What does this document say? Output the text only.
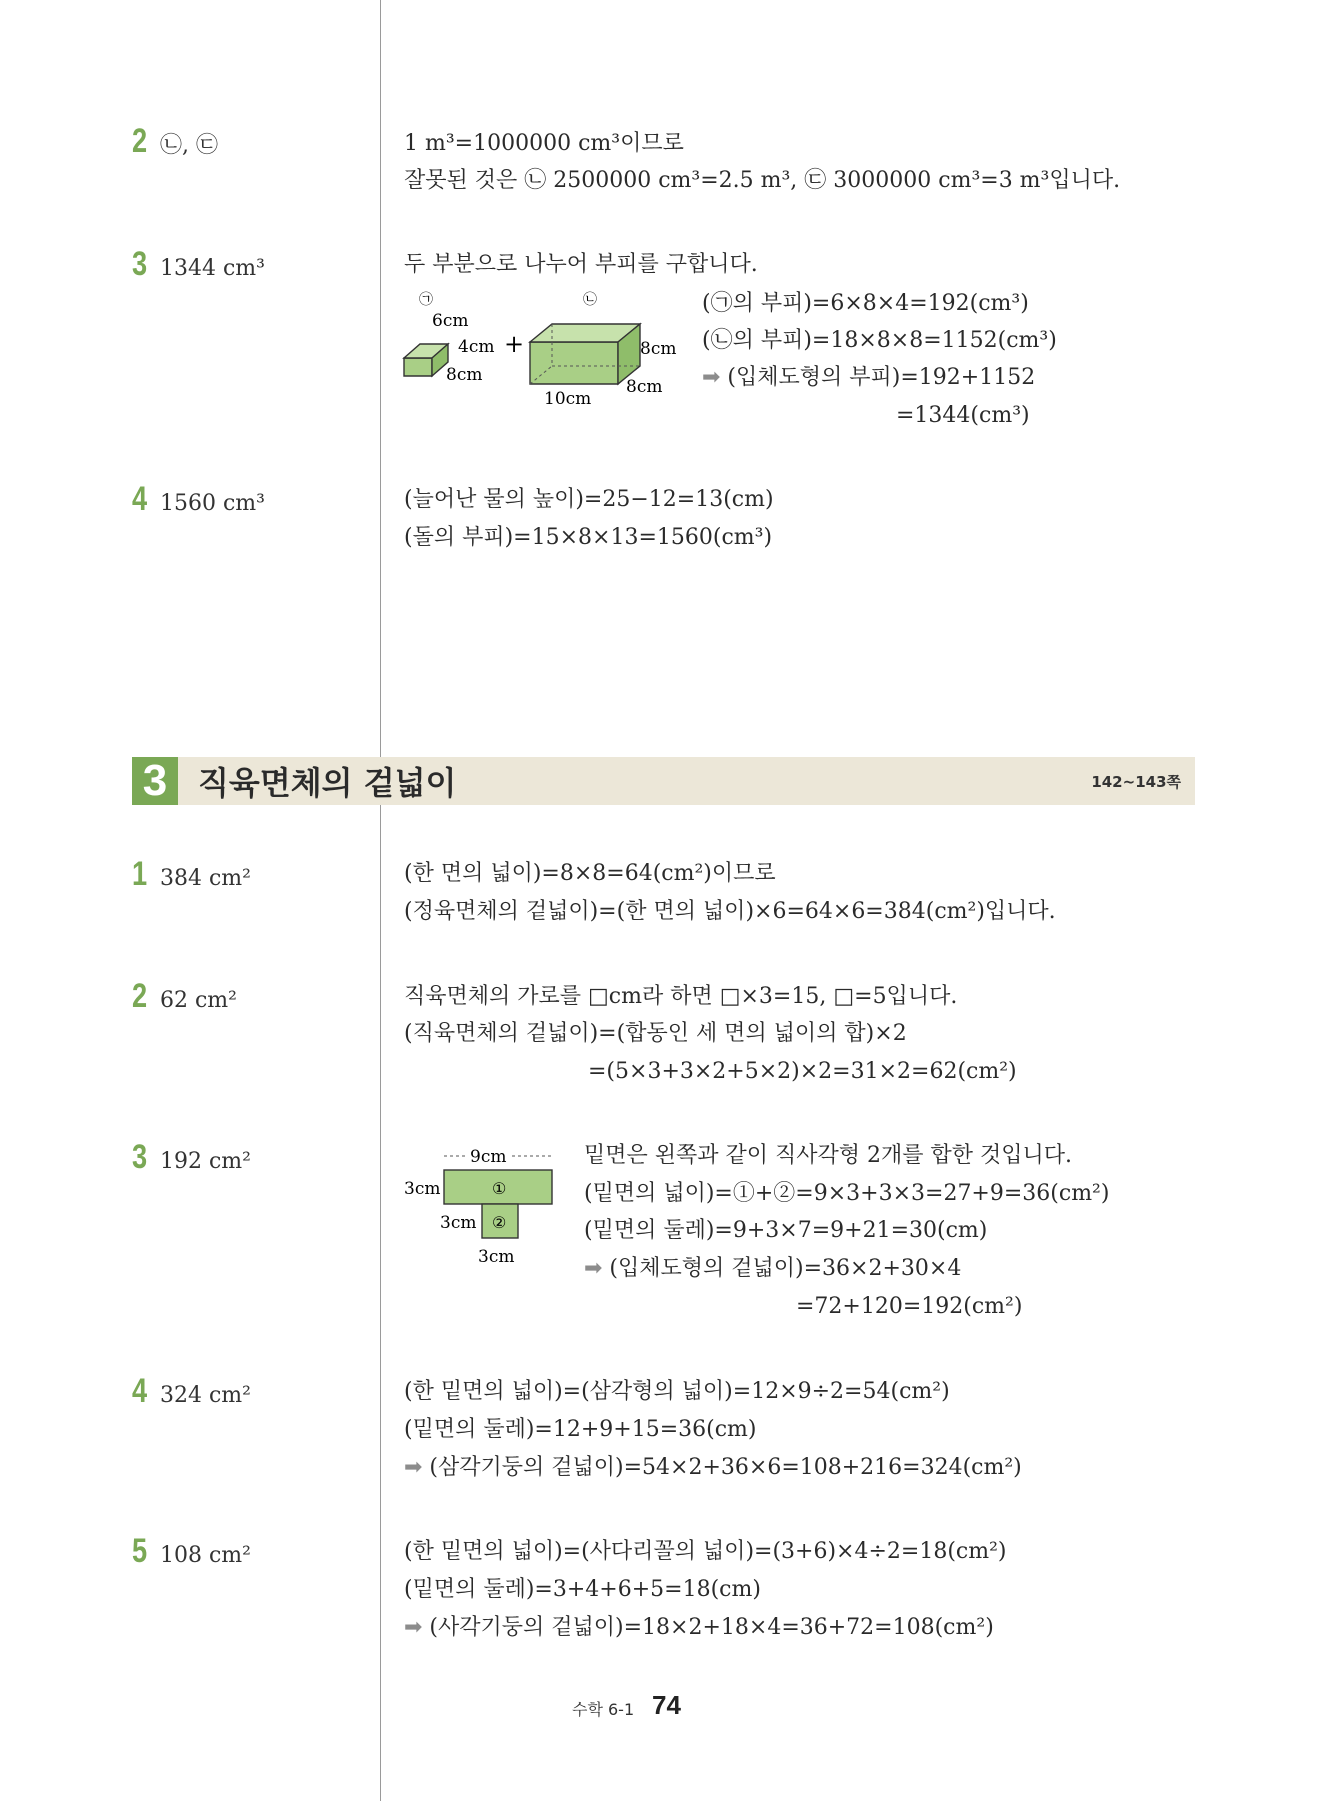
2 ㉡, ㉢	1 m³=1000000 cm³이므로
잘못된 것은 ㉡ 2500000 cm³=2.5 m³, ㉢ 3000000 cm³=3 m³입니다.
3 1344 cm³	두 부분으로 나누어 부피를 구합니다.
㉠	㉡
6cm
4cm
8cm
+	8cm
10cm
8cm
(㉠의 부피)=6×8×4=192(cm³)
(㉡의 부피)=18×8×8=1152(cm³)
➡ (입체도형의 부피)=192+1152
=1344(cm³)
4 1560 cm³	(늘어난 물의 높이)=25−12=13(cm)
(돌의 부피)=15×8×13=1560(cm³)
3 직육면체의 겉넓이	142~143쪽
1 384 cm²	(한 면의 넓이)=8×8=64(cm²)이므로
(정육면체의 겉넓이)=(한 면의 넓이)×6=64×6=384(cm²)입니다.
2 62 cm²	직육면체의 가로를 □cm라 하면 □×3=15, □=5입니다.
(직육면체의 겉넓이)=(합동인 세 면의 넓이의 합)×2
=(5×3+3×2+5×2)×2=31×2=62(cm²)
3 192 cm²	9cm
①
②
3cm
3cm
3cm
밑면은 왼쪽과 같이 직사각형 2개를 합한 것입니다.
(밑면의 넓이)=①+②=9×3+3×3=27+9=36(cm²)
(밑면의 둘레)=9+3×7=9+21=30(cm)
➡ (입체도형의 겉넓이)=36×2+30×4
=72+120=192(cm²)
4 324 cm²	(한 밑면의 넓이)=(삼각형의 넓이)=12×9÷2=54(cm²)
(밑면의 둘레)=12+9+15=36(cm)
➡ (삼각기둥의 겉넓이)=54×2+36×6=108+216=324(cm²)
5 108 cm²	(한 밑면의 넓이)=(사다리꼴의 넓이)=(3+6)×4÷2=18(cm²)
(밑면의 둘레)=3+4+6+5=18(cm)
➡ (사각기둥의 겉넓이)=18×2+18×4=36+72=108(cm²)
수학 6-1 74
